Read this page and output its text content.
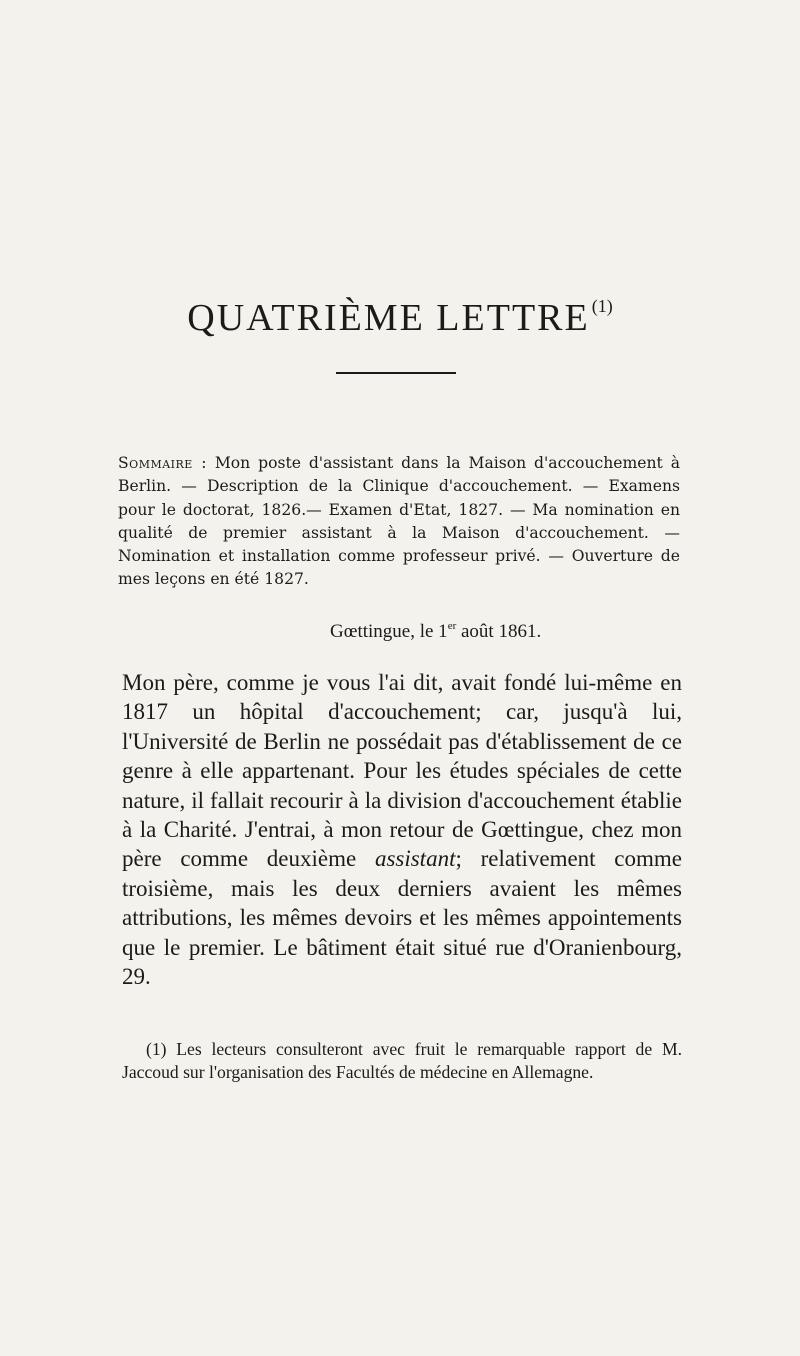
QUATRIÈME LETTRE $^{(1)}$
Sommaire : Mon poste d'assistant dans la Maison d'accouchement à Berlin. — Description de la Clinique d'accouchement. — Examens pour le doctorat, 1826.— Examen d'Etat, 1827. — Ma nomination en qualité de premier assistant à la Maison d'accouchement. — Nomination et installation comme professeur privé. — Ouverture de mes leçons en été 1827.
Gœttingue, le 1er août 1861.
Mon père, comme je vous l'ai dit, avait fondé lui-même en 1817 un hôpital d'accouchement; car, jusqu'à lui, l'Université de Berlin ne possédait pas d'établissement de ce genre à elle appartenant. Pour les études spéciales de cette nature, il fallait recourir à la division d'accouchement établie à la Charité. J'entrai, à mon retour de Gœttingue, chez mon père comme deuxième assistant; relativement comme troisième, mais les deux derniers avaient les mêmes attributions, les mêmes devoirs et les mêmes appointements que le premier. Le bâtiment était situé rue d'Oranienbourg, 29.
(1) Les lecteurs consulteront avec fruit le remarquable rapport de M. Jaccoud sur l'organisation des Facultés de médecine en Allemagne.
